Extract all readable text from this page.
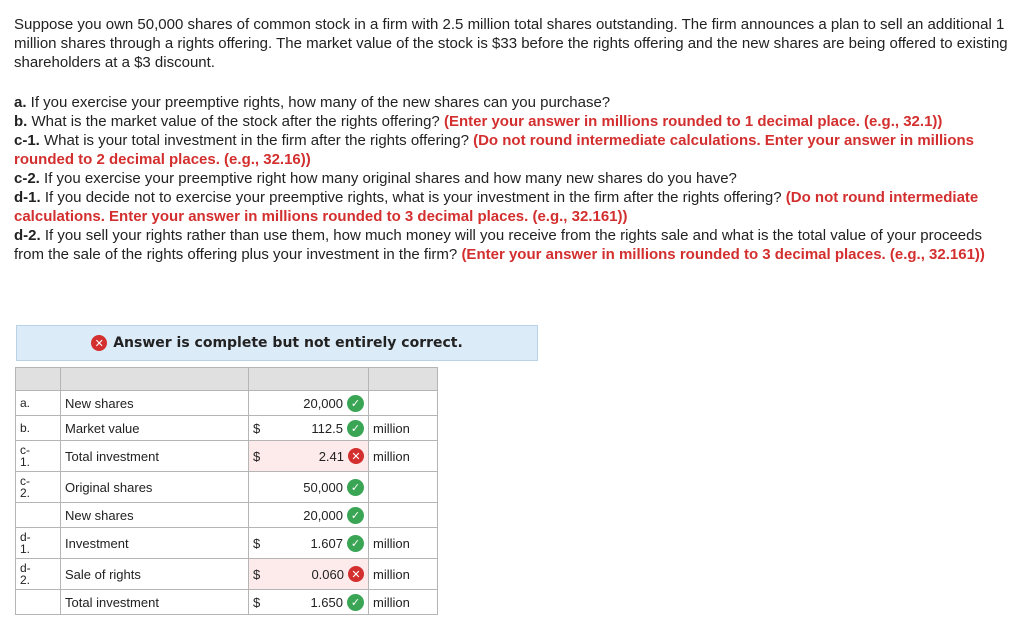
Suppose you own 50,000 shares of common stock in a firm with 2.5 million total shares outstanding. The firm announces a plan to sell an additional 1 million shares through a rights offering. The market value of the stock is $33 before the rights offering and the new shares are being offered to existing shareholders at a $3 discount.

a. If you exercise your preemptive rights, how many of the new shares can you purchase?

b. What is the market value of the stock after the rights offering? (Enter your answer in millions rounded to 1 decimal place. (e.g., 32.1))

c-1. What is your total investment in the firm after the rights offering? (Do not round intermediate calculations. Enter your answer in millions rounded to 2 decimal places. (e.g., 32.16))

c-2. If you exercise your preemptive right how many original shares and how many new shares do you have?

d-1. If you decide not to exercise your preemptive rights, what is your investment in the firm after the rights offering? (Do not round intermediate calculations. Enter your answer in millions rounded to 3 decimal places. (e.g., 32.161))

d-2. If you sell your rights rather than use them, how much money will you receive from the rights sale and what is the total value of your proceeds from the sale of the rights offering plus your investment in the firm? (Enter your answer in millions rounded to 3 decimal places. (e.g., 32.161))

✕ Answer is complete but not entirely correct.

a.	New shares		20,000 ✓	

b.	Market value	$	112.5 ✓	million
c-
1.	Total investment	$	2.41 ✕	million
c-
2.	Original shares		50,000 ✓	

	New shares		20,000 ✓	

d-
1.	Investment	$	1.607 ✓	million
d-
2.	Sale of rights	$	0.060 ✕	million
	Total investment	$	1.650 ✓	million
